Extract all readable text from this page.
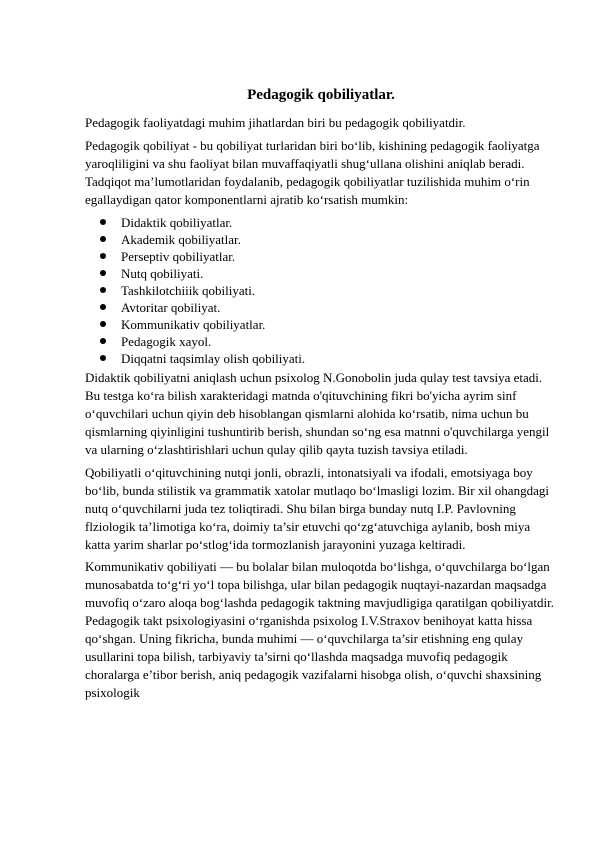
Pedagogik qobiliyatlar.

Pedagogik faoliyatdagi muhim jihatlardan biri bu pedagogik qobiliyatdir.

Pedagogik qobiliyat - bu qobiliyat turlaridan biri bo‘lib, kishining pedagogik faoliyatga yaroqliligini va shu faoliyat bilan muvaffaqiyatli shug‘ullana olishini aniqlab beradi. Tadqiqot ma’lumotlaridan foydalanib, pedagogik qobiliyatlar tuzilishida muhim o‘rin egallaydigan qator komponentlarni ajratib ko‘rsatish mumkin:

Didaktik qobiliyatlar.
Akademik qobiliyatlar.
Perseptiv qobiliyatlar.
Nutq qobiliyati.
Tashkilotchiiik qobiliyati.
Avtoritar qobiliyat.
Kommunikativ qobiliyatlar.
Pedagogik xayol.
Diqqatni taqsimlay olish qobiliyati.

Didaktik qobiliyatni aniqlash uchun psixolog N.Gonobolin juda qulay test tavsiya etadi. Bu testga ko‘ra bilish xarakteridagi matnda o'qituvchining fikri bo'yicha ayrim sinf o‘quvchilari uchun qiyin deb hisoblangan qismlarni alohida ko‘rsatib, nima uchun bu qismlarning qiyinligini tushuntirib berish, shundan so‘ng esa matnni o'quvchilarga yengil va ularning o‘zlashtirishlari uchun qulay qilib qayta tuzish tavsiya etiladi.

Qobiliyatli o‘qituvchining nutqi jonli, obrazli, intonatsiyali va ifodali, emotsiyaga boy bo‘lib, bunda stilistik va grammatik xatolar mutlaqo bo‘lmasligi lozim. Bir xil ohangdagi nutq o‘quvchilarni juda tez toliqtiradi. Shu bilan birga bunday nutq I.P. Pavlovning flziologik ta’limotiga ko‘ra, doimiy ta’sir etuvchi qo‘zg‘atuvchiga aylanib, bosh miya katta yarim sharlar po‘stlog‘ida tormozlanish jarayonini yuzaga keltiradi.

Kommunikativ qobiliyati — bu bolalar bilan muloqotda bo‘lishga, o‘quvchilarga bo‘lgan munosabatda to‘g‘ri yo‘l topa bilishga, ular bilan pedagogik nuqtayi-nazardan maqsadga muvofiq o‘zaro aloqa bog‘lashda pedagogik taktning mavjudligiga qaratilgan qobiliyatdir. Pedagogik takt psixologiyasini o‘rganishda psixolog I.V.Straxov benihoyat katta hissa qo‘shgan. Uning fikricha, bunda muhimi — o‘quvchilarga ta’sir etishning eng qulay usullarini topa bilish, tarbiyaviy ta’sirni qo‘llashda maqsadga muvofiq pedagogik choralarga e’tibor berish, aniq pedagogik vazifalarni hisobga olish, o‘quvchi shaxsining psixologik
